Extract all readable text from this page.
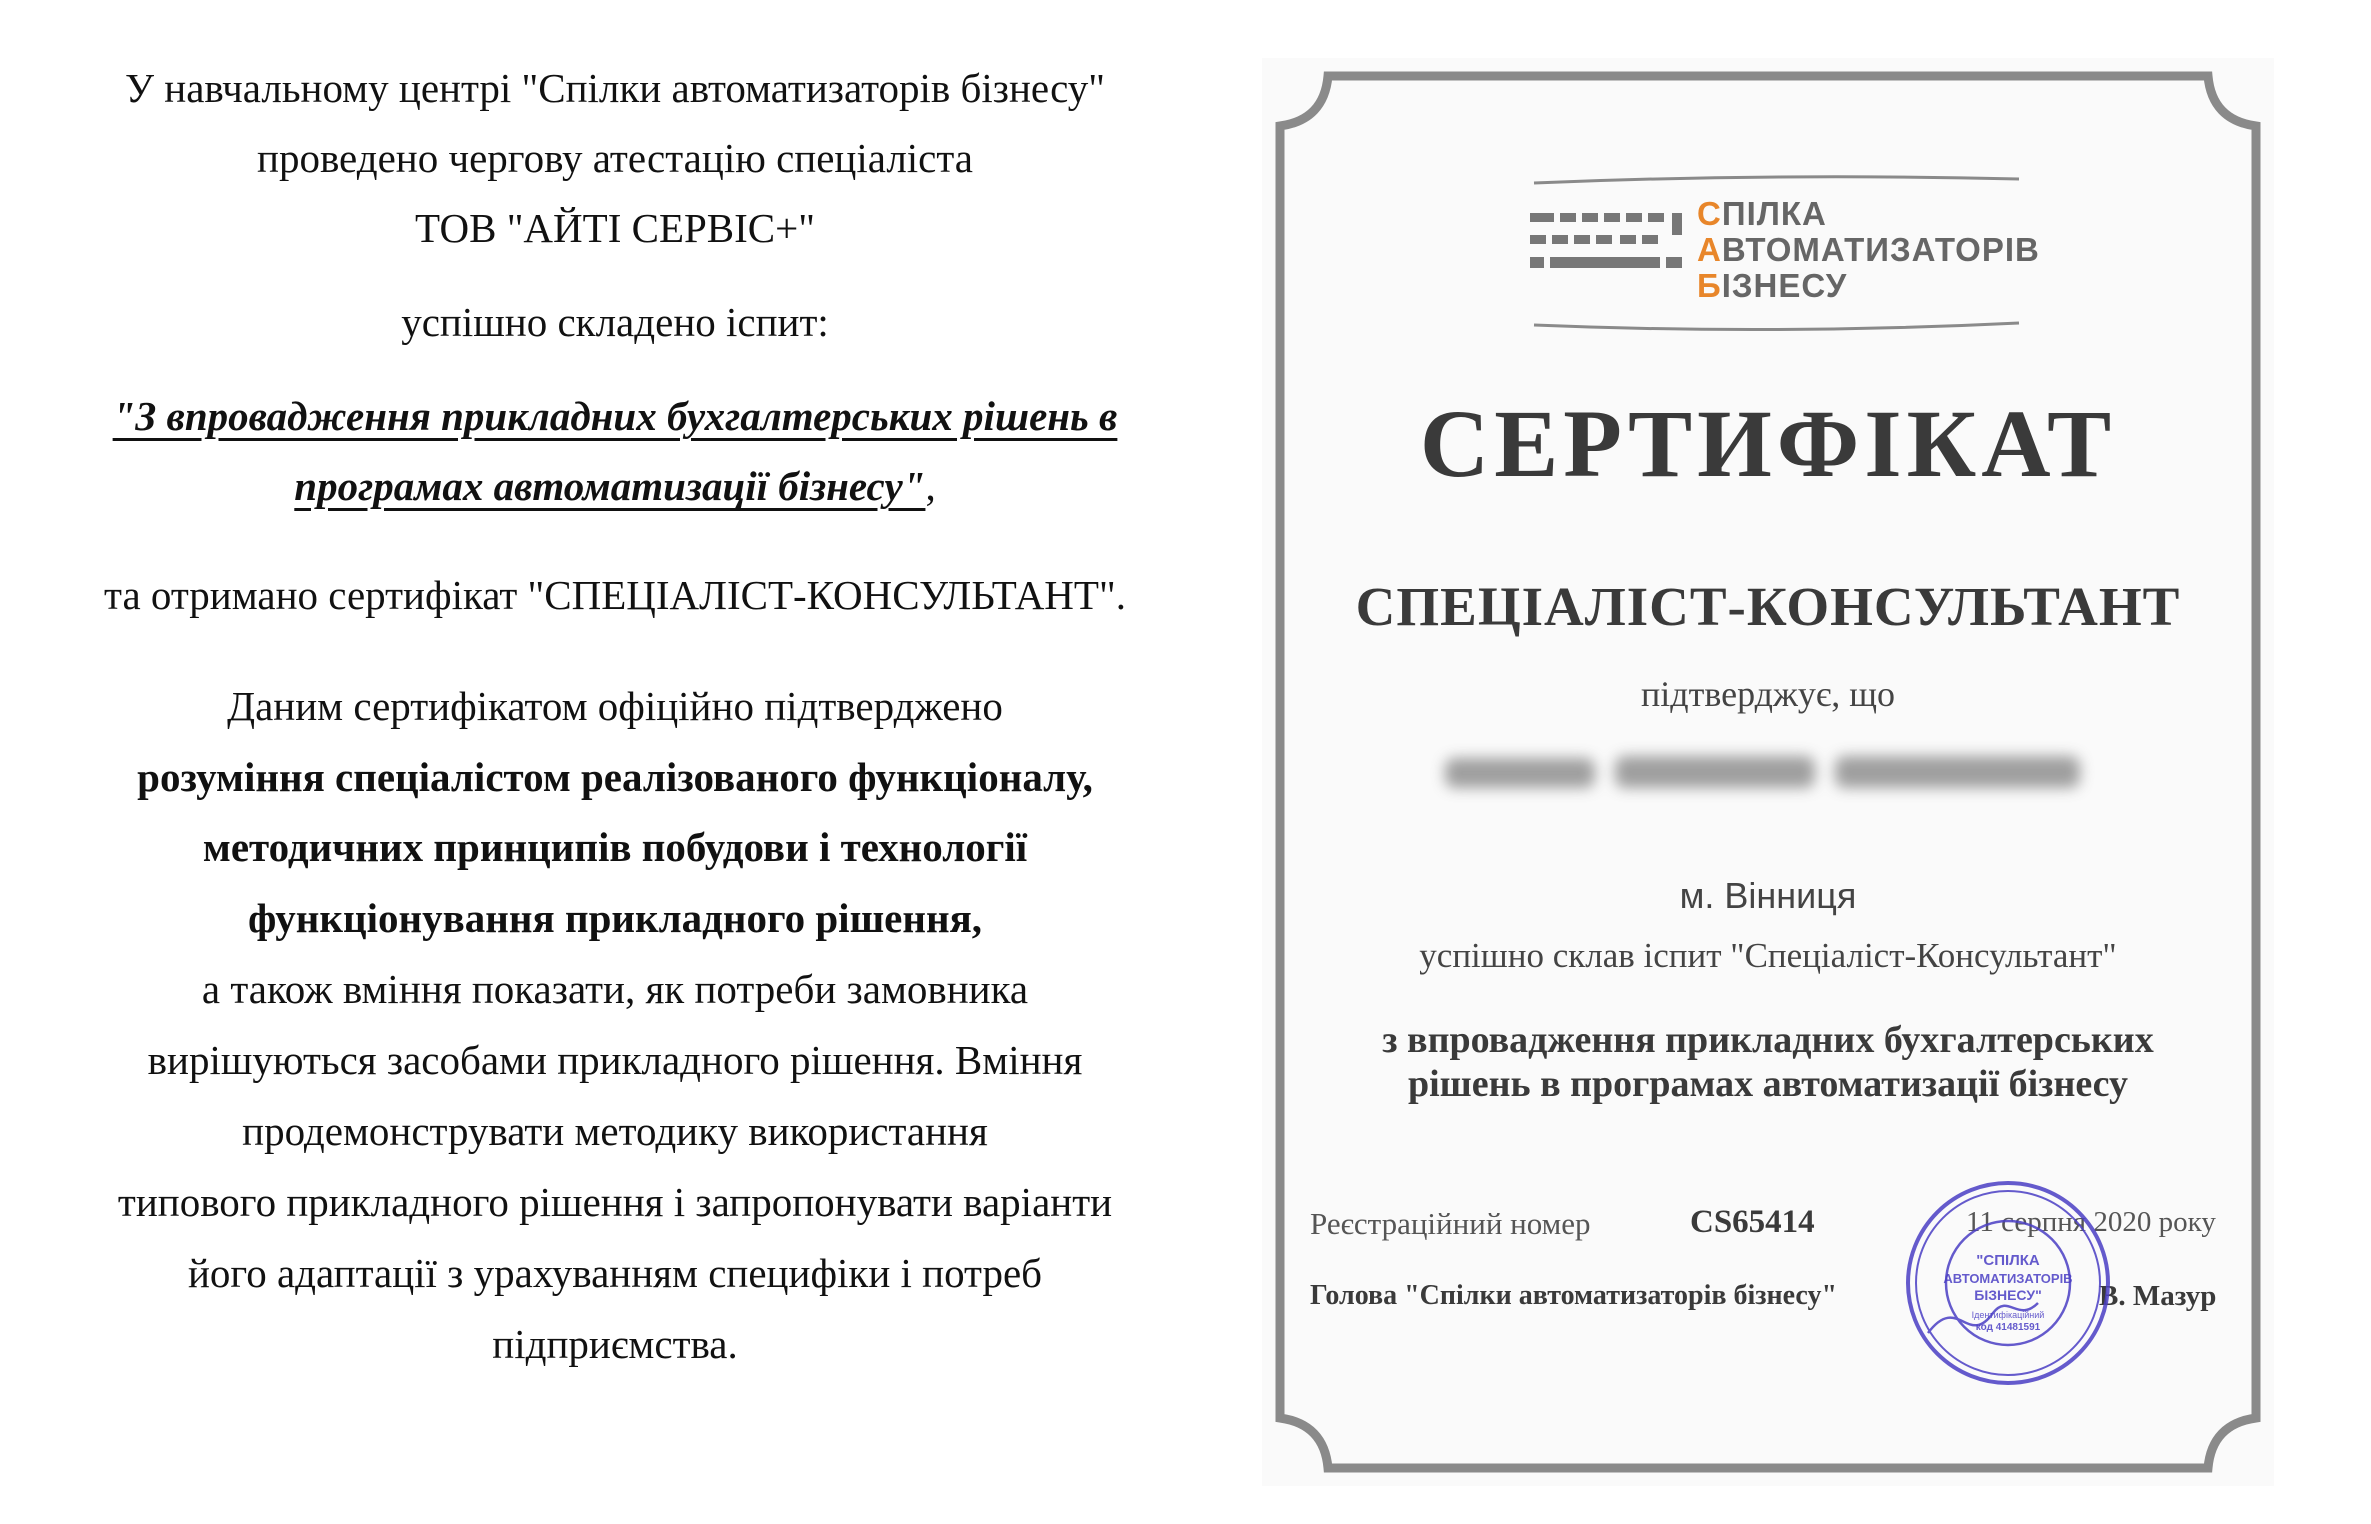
У навчальному центрі "Спілки автоматизаторів бізнесу"
проведено чергову атестацію спеціаліста
ТОВ "АЙТІ СЕРВІС+"
успішно складено іспит:
"З впровадження прикладних бухгалтерських рішень в
програмах автоматизації бізнесу",
та отримано сертифікат "СПЕЦІАЛІСТ-КОНСУЛЬТАНТ".
Даним сертифікатом офіційно підтверджено
розуміння спеціалістом реалізованого функціоналу,
методичних принципів побудови і технології
функціонування прикладного рішення,
а також вміння показати, як потреби замовника
вирішуються засобами прикладного рішення. Вміння
продемонструвати методику використання
типового прикладного рішення і запропонувати варіанти
його адаптації з урахуванням специфіки і потреб
підприємства.
СПІЛКА
АВТОМАТИЗАТОРІВ
БІЗНЕСУ
СЕРТИФІКАТ
СПЕЦІАЛІСТ-КОНСУЛЬТАНТ
підтверджує, що
м. Вінниця
успішно склав іспит "Спеціаліст-Консультант"
з впровадження прикладних бухгалтерських
рішень в програмах автоматизації бізнесу
Реєстраційний номер	CS65414	11 серпня 2020 року
Голова "Спілки автоматизаторів бізнесу"	В. Мазур
"СПІЛКА
АВТОМАТИЗАТОРІВ
БІЗНЕСУ"
Ідентифікаційний
код 41481591
